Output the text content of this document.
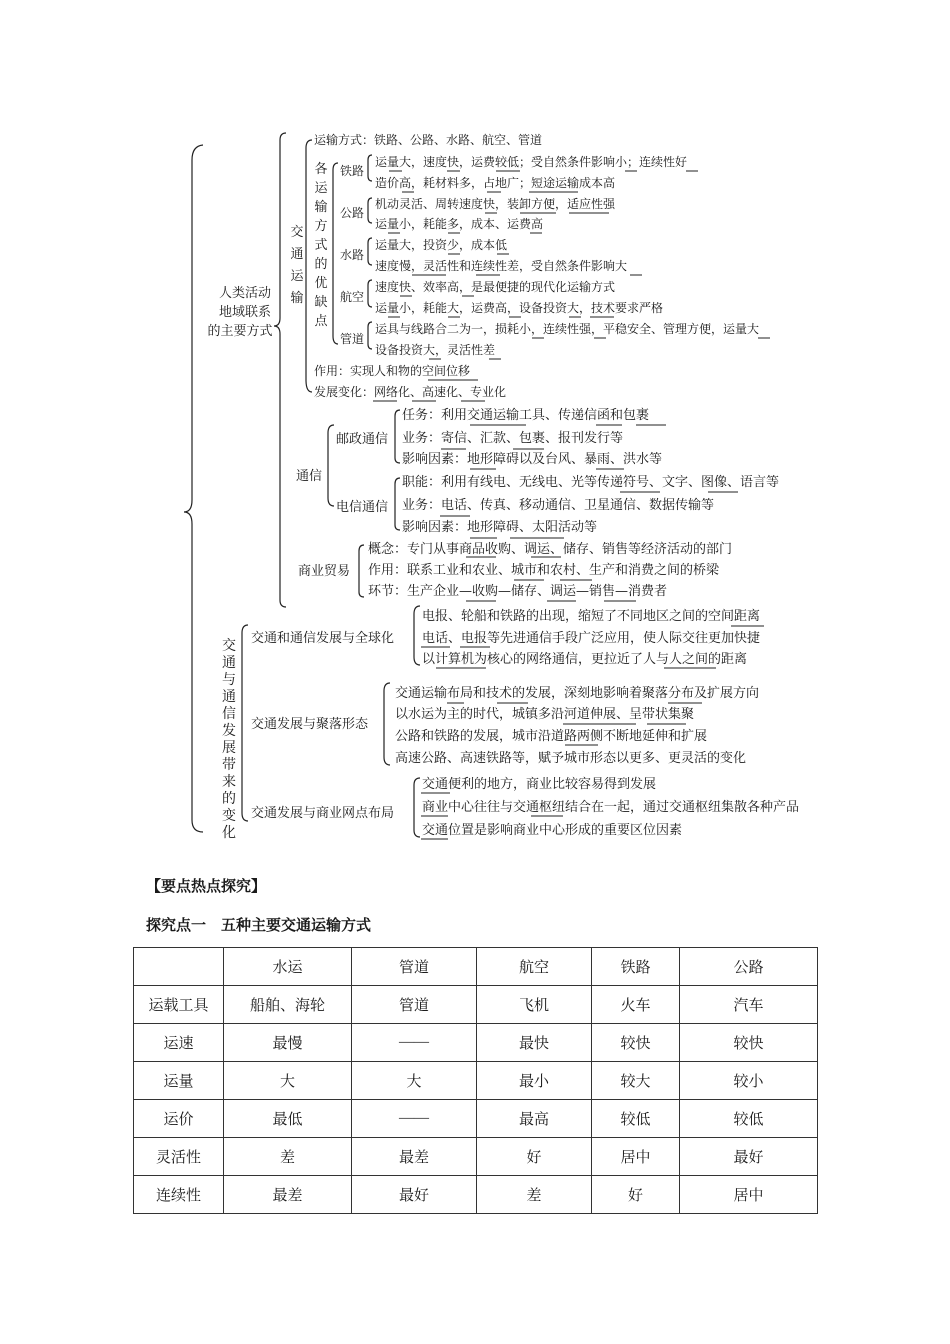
人类活动
地域联系
的主要方式
交通运输
运输方式：铁路、公路、水路、航空、管道
各运输方式的优缺点
铁路
运量大，速度快，运费较低；受自然条件影响小；连续性好
造价高，耗材料多，占地广；短途运输成本高
公路
机动灵活、周转速度快，装卸方便，适应性强
运量小，耗能多，成本、运费高
水路
运量大，投资少，成本低
速度慢，灵活性和连续性差，受自然条件影响大
航空
速度快、效率高，是最便捷的现代化运输方式
运量小，耗能大，运费高，设备投资大，技术要求严格
管道
运具与线路合二为一，损耗小，连续性强，平稳安全、管理方便，运量大
设备投资大，灵活性差
作用：实现人和物的空间位移
发展变化：网络化、高速化、专业化
通信
邮政通信
任务：利用交通运输工具、传递信函和包裹
业务：寄信、汇款、包裹、报刊发行等
影响因素：地形障碍以及台风、暴雨、洪水等
电信通信
职能：利用有线电、无线电、光等传递符号、文字、图像、语言等
业务：电话、传真、移动通信、卫星通信、数据传输等
影响因素：地形障碍、太阳活动等
商业贸易
概念：专门从事商品收购、调运、储存、销售等经济活动的部门
作用：联系工业和农业、城市和农村、生产和消费之间的桥梁
环节：生产企业—收购—储存、调运—销售—消费者
交通与通信发展带来的变化
交通和通信发展与全球化
电报、轮船和铁路的出现，缩短了不同地区之间的空间距离
电话、电报等先进通信手段广泛应用，使人际交往更加快捷
以计算机为核心的网络通信，更拉近了人与人之间的距离
交通发展与聚落形态
交通运输布局和技术的发展，深刻地影响着聚落分布及扩展方向
以水运为主的时代，城镇多沿河道伸展、呈带状集聚
公路和铁路的发展，城市沿道路两侧不断地延伸和扩展
高速公路、高速铁路等，赋予城市形态以更多、更灵活的变化
交通发展与商业网点布局
交通便利的地方，商业比较容易得到发展
商业中心往往与交通枢纽结合在一起，通过交通枢纽集散各种产品
交通位置是影响商业中心形成的重要区位因素
【要点热点探究】
探究点一　五种主要交通运输方式
	水运	管道	航空	铁路	公路
运载工具	船舶、海轮	管道	飞机	火车	汽车
运速	最慢	——	最快	较快	较快
运量	大	大	最小	较大	较小
运价	最低	——	最高	较低	较低
灵活性	差	最差	好	居中	最好
连续性	最差	最好	差	好	居中
